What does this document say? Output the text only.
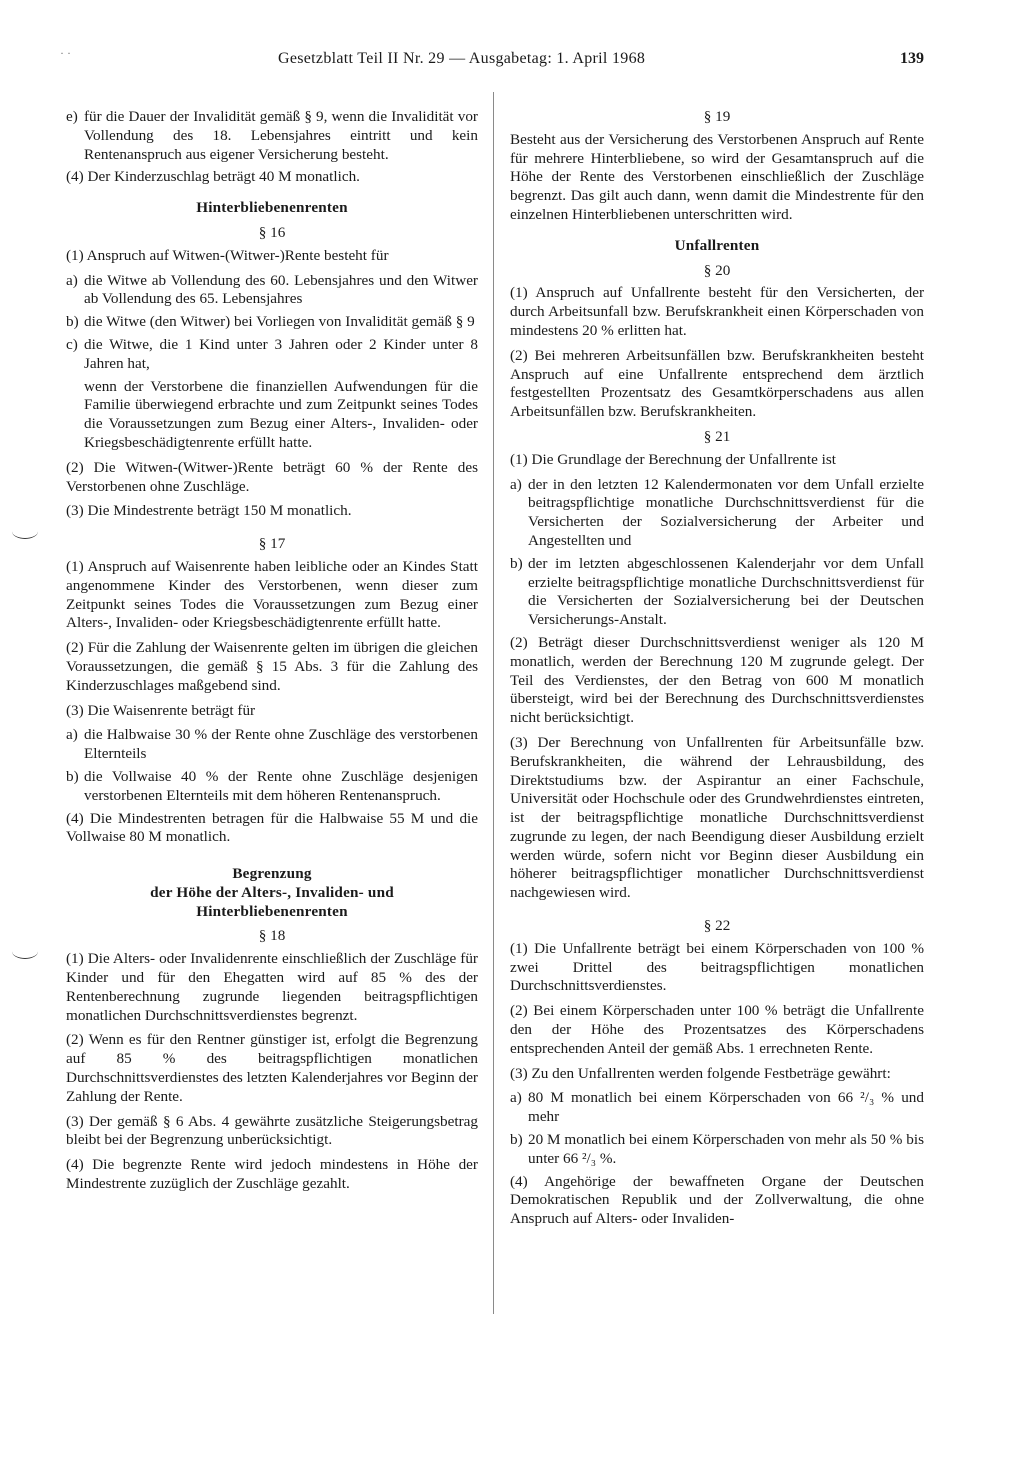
· ·	Gesetzblatt Teil II Nr. 29 — Ausgabetag: 1. April 1968	139
e) für die Dauer der Invalidität gemäß § 9, wenn die Invalidität vor Vollendung des 18. Lebensjahres eintritt und kein Rentenanspruch aus eigener Versicherung besteht.

(4) Der Kinderzuschlag beträgt 40 M monatlich.

Hinterbliebenenrenten
§ 16

(1) Anspruch auf Witwen-(Witwer-)Rente besteht für

a) die Witwe ab Vollendung des 60. Lebensjahres und den Witwer ab Vollendung des 65. Lebensjahres
b) die Witwe (den Witwer) bei Vorliegen von Invalidität gemäß § 9
c) die Witwe, die 1 Kind unter 3 Jahren oder 2 Kinder unter 8 Jahren hat,

wenn der Verstorbene die finanziellen Aufwendungen für die Familie überwiegend erbrachte und zum Zeitpunkt seines Todes die Voraussetzungen zum Bezug einer Alters-, Invaliden- oder Kriegsbeschädigtenrente erfüllt hatte.

(2) Die Witwen-(Witwer-)Rente beträgt 60 % der Rente des Verstorbenen ohne Zuschläge.

(3) Die Mindestrente beträgt 150 M monatlich.

§ 17

(1) Anspruch auf Waisenrente haben leibliche oder an Kindes Statt angenommene Kinder des Verstorbenen, wenn dieser zum Zeitpunkt seines Todes die Voraussetzungen zum Bezug einer Alters-, Invaliden- oder Kriegsbeschädigtenrente erfüllt hatte.

(2) Für die Zahlung der Waisenrente gelten im übrigen die gleichen Voraussetzungen, die gemäß § 15 Abs. 3 für die Zahlung des Kinderzuschlages maßgebend sind.

(3) Die Waisenrente beträgt für

a) die Halbwaise 30 % der Rente ohne Zuschläge des verstorbenen Elternteils
b) die Vollwaise 40 % der Rente ohne Zuschläge desjenigen verstorbenen Elternteils mit dem höheren Rentenanspruch.

(4) Die Mindestrenten betragen für die Halbwaise 55 M und die Vollwaise 80 M monatlich.

Begrenzung
der Höhe der Alters-, Invaliden- und
Hinterbliebenenrenten
§ 18

(1) Die Alters- oder Invalidenrente einschließlich der Zuschläge für Kinder und für den Ehegatten wird auf 85 % des der Rentenberechnung zugrunde liegenden beitragspflichtigen monatlichen Durchschnittsverdienstes begrenzt.

(2) Wenn es für den Rentner günstiger ist, erfolgt die Begrenzung auf 85 % des beitragspflichtigen monatlichen Durchschnittsverdienstes des letzten Kalenderjahres vor Beginn der Zahlung der Rente.

(3) Der gemäß § 6 Abs. 4 gewährte zusätzliche Steigerungsbetrag bleibt bei der Begrenzung unberücksichtigt.

(4) Die begrenzte Rente wird jedoch mindestens in Höhe der Mindestrente zuzüglich der Zuschläge gezahlt.

§ 19

Besteht aus der Versicherung des Verstorbenen Anspruch auf Rente für mehrere Hinterbliebene, so wird der Gesamtanspruch auf die Höhe der Rente des Verstorbenen einschließlich der Zuschläge begrenzt. Das gilt auch dann, wenn damit die Mindestrente für den einzelnen Hinterbliebenen unterschritten wird.

Unfallrenten
§ 20

(1) Anspruch auf Unfallrente besteht für den Versicherten, der durch Arbeitsunfall bzw. Berufskrankheit einen Körperschaden von mindestens 20 % erlitten hat.

(2) Bei mehreren Arbeitsunfällen bzw. Berufskrankheiten besteht Anspruch auf eine Unfallrente entsprechend dem ärztlich festgestellten Prozentsatz des Gesamtkörperschadens aus allen Arbeitsunfällen bzw. Berufskrankheiten.

§ 21

(1) Die Grundlage der Berechnung der Unfallrente ist

a) der in den letzten 12 Kalendermonaten vor dem Unfall erzielte beitragspflichtige monatliche Durchschnittsverdienst für die Versicherten der Sozialversicherung der Arbeiter und Angestellten und
b) der im letzten abgeschlossenen Kalenderjahr vor dem Unfall erzielte beitragspflichtige monatliche Durchschnittsverdienst für die Versicherten der Sozialversicherung bei der Deutschen Versicherungs-Anstalt.

(2) Beträgt dieser Durchschnittsverdienst weniger als 120 M monatlich, werden der Berechnung 120 M zugrunde gelegt. Der Teil des Verdienstes, der den Betrag von 600 M monatlich übersteigt, wird bei der Berechnung des Durchschnittsverdienstes nicht berücksichtigt.

(3) Der Berechnung von Unfallrenten für Arbeitsunfälle bzw. Berufskrankheiten, die während der Lehrausbildung, des Direktstudiums bzw. der Aspirantur an einer Fachschule, Universität oder Hochschule oder des Grundwehrdienstes eintreten, ist der beitragspflichtige monatliche Durchschnittsverdienst zugrunde zu legen, der nach Beendigung dieser Ausbildung erzielt werden würde, sofern nicht vor Beginn dieser Ausbildung ein höherer beitragspflichtiger monatlicher Durchschnittsverdienst nachgewiesen wird.

§ 22

(1) Die Unfallrente beträgt bei einem Körperschaden von 100 % zwei Drittel des beitragspflichtigen monatlichen Durchschnittsverdienstes.

(2) Bei einem Körperschaden unter 100 % beträgt die Unfallrente den der Höhe des Prozentsatzes des Körperschadens entsprechenden Anteil der gemäß Abs. 1 errechneten Rente.

(3) Zu den Unfallrenten werden folgende Festbeträge gewährt:

a) 80 M monatlich bei einem Körperschaden von 66 ²/₃ % und mehr
b) 20 M monatlich bei einem Körperschaden von mehr als 50 % bis unter 66 ²/₃ %.

(4) Angehörige der bewaffneten Organe der Deutschen Demokratischen Republik und der Zollverwaltung, die ohne Anspruch auf Alters- oder Invaliden-
